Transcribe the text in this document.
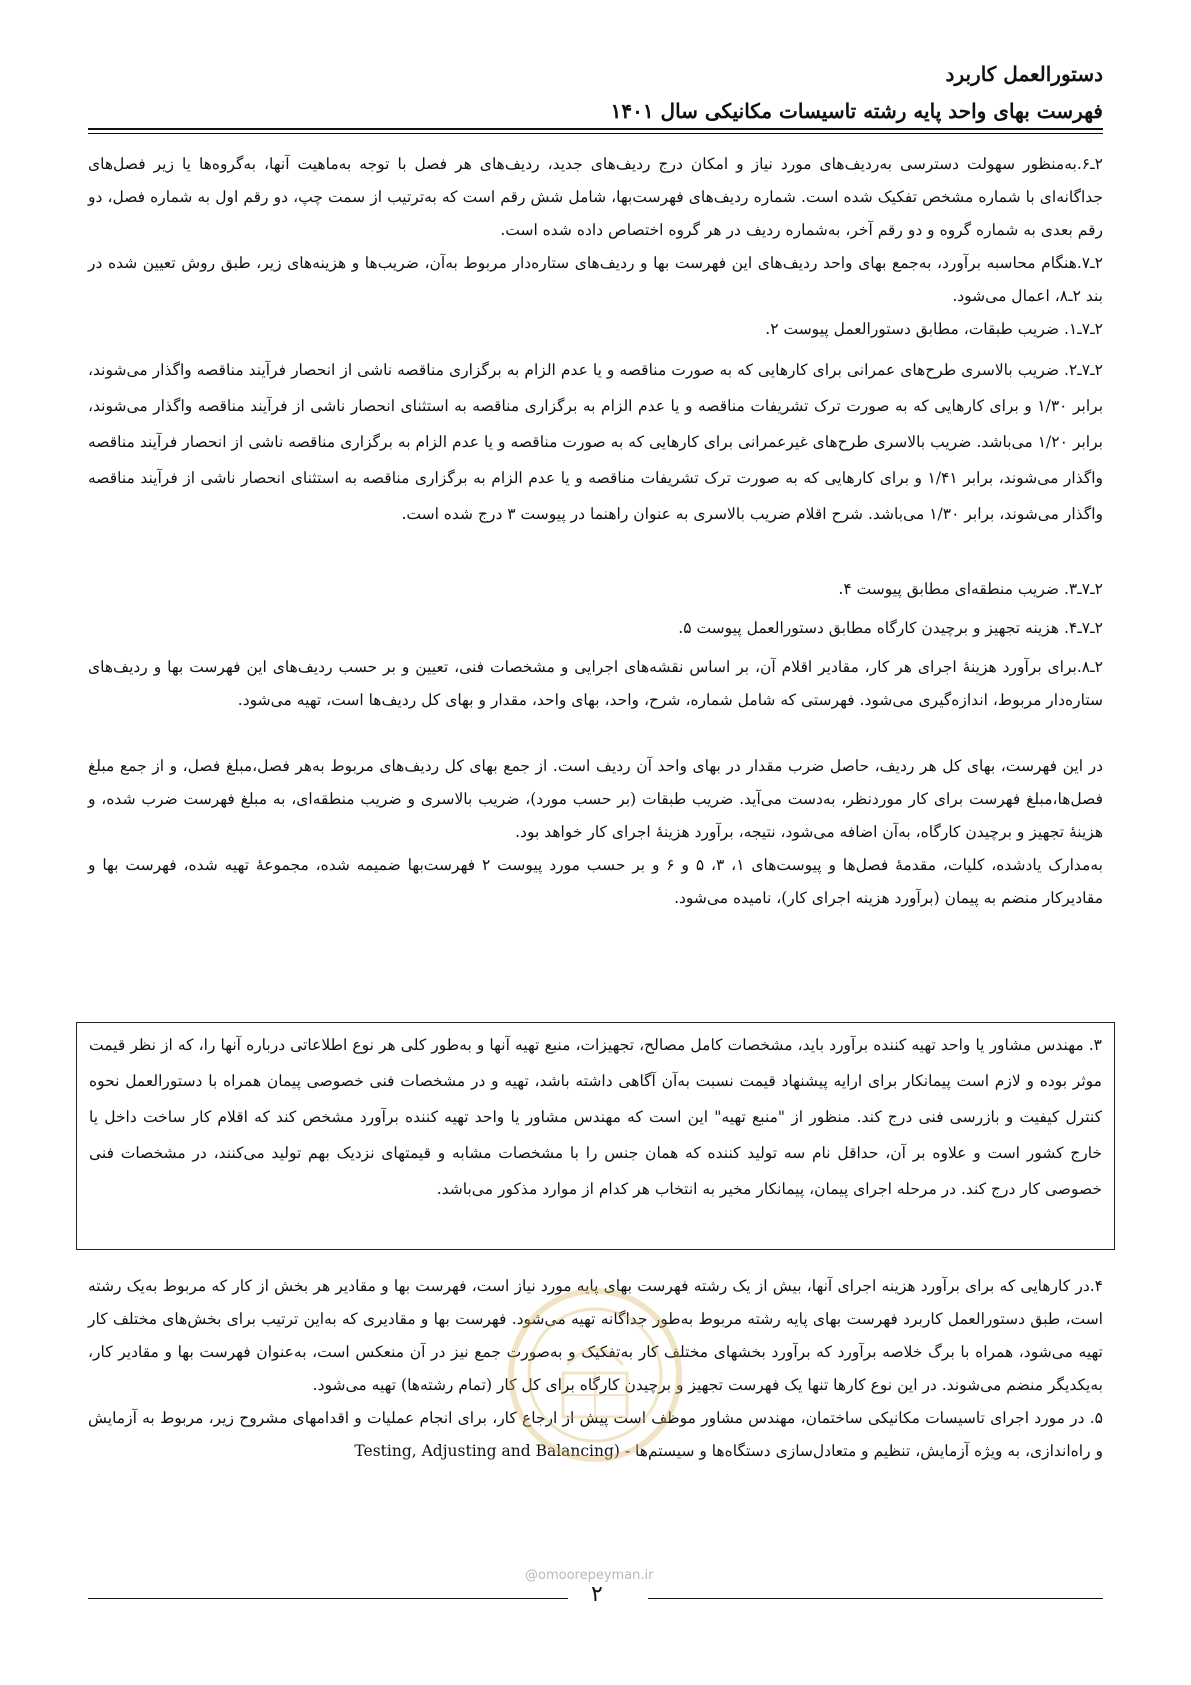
دستورالعمل کاربرد
فهرست بهای واحد پایه رشته تاسیسات مکانیکی سال ۱۴۰۱

۲ـ۶.به‌منظور سهولت دسترسی به‌ردیف‌های مورد نیاز و امکان درج ردیف‌های جدید، ردیف‌های هر فصل با توجه به‌ماهیت آنها، به‌گروه‌ها یا زیر فصل‌های جداگانه‌ای با شماره مشخص تفکیک شده است. شماره ردیف‌های فهرست‌بها، شامل شش رقم است که به‌ترتیب از سمت چپ، دو رقم اول به شماره فصل، دو رقم بعدی به شماره گروه و دو رقم آخر، به‌شماره ردیف در هر گروه اختصاص داده شده است.

۲ـ۷.هنگام محاسبه برآورد، به‌جمع بهای واحد ردیف‌های این فهرست بها و ردیف‌های ستاره‌دار مربوط به‌آن، ضریب‌ها و هزینه‌های زیر، طبق روش تعیین شده در بند ۲ـ۸، اعمال می‌شود.

۲ـ۷ـ۱. ضریب طبقات، مطابق دستورالعمل پیوست ۲.

۲ـ۷ـ۲. ضریب بالاسری طرح‌های عمرانی برای کارهایی که به صورت مناقصه و یا عدم الزام به برگزاری مناقصه ناشی از انحصار فرآیند مناقصه واگذار می‌شوند، برابر ۱/۳۰ و برای کارهایی که به صورت ترک تشریفات مناقصه و یا عدم الزام به برگزاری مناقصه به استثنای انحصار ناشی از فرآیند مناقصه واگذار می‌شوند، برابر ۱/۲۰ می‌باشد. ضریب بالاسری طرح‌های غیرعمرانی برای کارهایی که به صورت مناقصه و یا عدم الزام به برگزاری مناقصه ناشی از انحصار فرآیند مناقصه واگذار می‌شوند، برابر ۱/۴۱ و برای کارهایی که به صورت ترک تشریفات مناقصه و یا عدم الزام به برگزاری مناقصه به استثنای انحصار ناشی از فرآیند مناقصه واگذار می‌شوند، برابر ۱/۳۰ می‌باشد. شرح اقلام ضریب بالاسری به عنوان راهنما در پیوست ۳ درج شده است.

۲ـ۷ـ۳. ضریب منطقه‌ای مطابق پیوست ۴.

۲ـ۷ـ۴. هزینه تجهیز و برچیدن کارگاه مطابق دستورالعمل پیوست ۵.

۲ـ۸.برای برآورد هزینۀ اجرای هر کار، مقادیر اقلام آن، بر اساس نقشه‌های اجرایی و مشخصات فنی، تعیین و بر حسب ردیف‌های این فهرست بها و ردیف‌های ستاره‌دار مربوط، اندازه‌گیری می‌شود. فهرستی که شامل شماره، شرح، واحد، بهای واحد، مقدار و بهای کل ردیف‌ها است، تهیه می‌شود.

در این فهرست، بهای کل هر ردیف، حاصل ضرب مقدار در بهای واحد آن ردیف است. از جمع بهای کل ردیف‌های مربوط به‌هر فصل،مبلغ فصل، و از جمع مبلغ فصل‌ها،مبلغ فهرست برای کار موردنظر، به‌دست می‌آید. ضریب طبقات (بر حسب مورد)، ضریب بالاسری و ضریب منطقه‌ای، به مبلغ فهرست ضرب شده، و هزینۀ تجهیز و برچیدن کارگاه، به‌آن اضافه می‌شود، نتیجه، برآورد هزینۀ اجرای کار خواهد بود.

به‌مدارک یادشده، کلیات، مقدمۀ فصل‌ها و پیوست‌های ۱، ۳، ۵ و ۶ و بر حسب مورد پیوست ۲ فهرست‌بها ضمیمه شده، مجموعۀ تهیه شده، فهرست بها و مقادیرکار منضم به پیمان (برآورد هزینه اجرای کار)، نامیده می‌شود.

۳. مهندس مشاور یا واحد تهیه کننده برآورد باید، مشخصات کامل مصالح، تجهیزات، منبع تهیه آنها و به‌طور کلی هر نوع اطلاعاتی درباره آنها را، که از نظر قیمت موثر بوده و لازم است پیمانکار برای ارایه پیشنهاد قیمت نسبت به‌آن آگاهی داشته باشد، تهیه و در مشخصات فنی خصوصی پیمان همراه با دستورالعمل نحوه کنترل کیفیت و بازرسی فنی درج کند. منظور از "منبع تهیه" این است که مهندس مشاور یا واحد تهیه کننده برآورد مشخص کند که اقلام کار ساخت داخل یا خارج کشور است و علاوه بر آن، حداقل نام سه تولید کننده که همان جنس را با مشخصات مشابه و قیمتهای نزدیک بهم تولید می‌کنند، در مشخصات فنی خصوصی کار درج کند. در مرحله اجرای پیمان، پیمانکار مخیر به انتخاب هر کدام از موارد مذکور می‌باشد.

۴.در کارهایی که برای برآورد هزینه اجرای آنها، بیش از یک رشته فهرست بهای پایه مورد نیاز است، فهرست بها و مقادیر هر بخش از کار که مربوط به‌یک رشته است، طبق دستورالعمل کاربرد فهرست بهای پایه رشته مربوط به‌طور جداگانه تهیه می‌شود. فهرست بها و مقادیری که به‌این ترتیب برای بخش‌های مختلف کار تهیه می‌شود، همراه با برگ خلاصه برآورد که برآورد بخشهای مختلف کار به‌تفکیک و به‌صورت جمع نیز در آن منعکس است، به‌عنوان فهرست بها و مقادیر کار، به‌یکدیگر منضم می‌شوند. در این نوع کارها تنها یک فهرست تجهیز و برچیدن کارگاه برای کل کار (تمام رشته‌ها) تهیه می‌شود.

۵. در مورد اجرای تاسیسات مکانیکی ساختمان، مهندس مشاور موظف است پیش از ارجاع کار، برای انجام عملیات و اقدامهای مشروح زیر، مربوط به آزمایش و راه‌اندازی، به ویژه آزمایش، تنظیم و متعادل‌سازی دستگاه‌ها و سیستم‌ها - (Testing, Adjusting and Balancing

@omoorepeyman.ir
۲
